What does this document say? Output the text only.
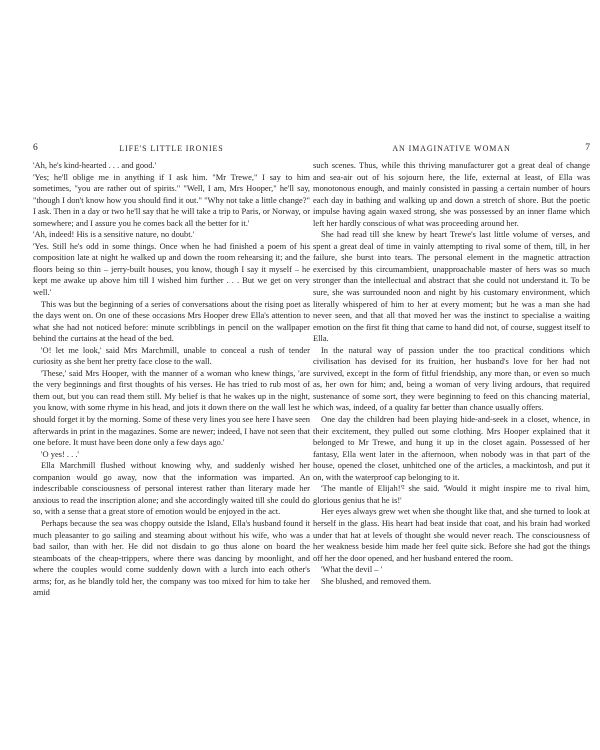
6	LIFE'S LITTLE IRONIES

'Ah, he's kind-hearted . . . and good.'

'Yes; he'll oblige me in anything if I ask him. "Mr Trewe," I say to him sometimes, "you are rather out of spirits." "Well, I am, Mrs Hooper," he'll say, "though I don't know how you should find it out." "Why not take a little change?" I ask. Then in a day or two he'll say that he will take a trip to Paris, or Norway, or somewhere; and I assure you he comes back all the better for it.'

'Ah, indeed! His is a sensitive nature, no doubt.'

'Yes. Still he's odd in some things. Once when he had finished a poem of his composition late at night he walked up and down the room rehearsing it; and the floors being so thin – jerry-built houses, you know, though I say it myself – he kept me awake up above him till I wished him further . . . But we get on very well.'

This was but the beginning of a series of conversations about the rising poet as the days went on. On one of these occasions Mrs Hooper drew Ella's attention to what she had not noticed before: minute scribblings in pencil on the wallpaper behind the curtains at the head of the bed.

'O! let me look,' said Mrs Marchmill, unable to conceal a rush of tender curiosity as she bent her pretty face close to the wall.

'These,' said Mrs Hooper, with the manner of a woman who knew things, 'are the very beginnings and first thoughts of his verses. He has tried to rub most of them out, but you can read them still. My belief is that he wakes up in the night, you know, with some rhyme in his head, and jots it down there on the wall lest he should forget it by the morning. Some of these very lines you see here I have seen afterwards in print in the magazines. Some are newer; indeed, I have not seen that one before. It must have been done only a few days ago.'

'O yes! . . .'

Ella Marchmill flushed without knowing why, and suddenly wished her companion would go away, now that the information was imparted. An indescribable consciousness of personal interest rather than literary made her anxious to read the inscription alone; and she accordingly waited till she could do so, with a sense that a great store of emotion would be enjoyed in the act.

Perhaps because the sea was choppy outside the Island, Ella's husband found it much pleasanter to go sailing and steaming about without his wife, who was a bad sailor, than with her. He did not disdain to go thus alone on board the steamboats of the cheap-trippers, where there was dancing by moonlight, and where the couples would come suddenly down with a lurch into each other's arms; for, as he blandly told her, the company was too mixed for him to take her amid

AN IMAGINATIVE WOMAN	7

such scenes. Thus, while this thriving manufacturer got a great deal of change and sea-air out of his sojourn here, the life, external at least, of Ella was monotonous enough, and mainly consisted in passing a certain number of hours each day in bathing and walking up and down a stretch of shore. But the poetic impulse having again waxed strong, she was possessed by an inner flame which left her hardly conscious of what was proceeding around her.

She had read till she knew by heart Trewe's last little volume of verses, and spent a great deal of time in vainly attempting to rival some of them, till, in her failure, she burst into tears. The personal element in the magnetic attraction exercised by this circumambient, unapproachable master of hers was so much stronger than the intellectual and abstract that she could not understand it. To be sure, she was surrounded noon and night by his customary environment, which literally whispered of him to her at every moment; but he was a man she had never seen, and that all that moved her was the instinct to specialise a waiting emotion on the first fit thing that came to hand did not, of course, suggest itself to Ella.

In the natural way of passion under the too practical conditions which civilisation has devised for its fruition, her husband's love for her had not survived, except in the form of fitful friendship, any more than, or even so much as, her own for him; and, being a woman of very living ardours, that required sustenance of some sort, they were beginning to feed on this chancing material, which was, indeed, of a quality far better than chance usually offers.

One day the children had been playing hide-and-seek in a closet, whence, in their excitement, they pulled out some clothing. Mrs Hooper explained that it belonged to Mr Trewe, and hung it up in the closet again. Possessed of her fantasy, Ella went later in the afternoon, when nobody was in that part of the house, opened the closet, unhitched one of the articles, a mackintosh, and put it on, with the waterproof cap belonging to it.

'The mantle of Elijah!'² she said. 'Would it might inspire me to rival him, glorious genius that he is!'

Her eyes always grew wet when she thought like that, and she turned to look at herself in the glass. His heart had beat inside that coat, and his brain had worked under that hat at levels of thought she would never reach. The consciousness of her weakness beside him made her feel quite sick. Before she had got the things off her the door opened, and her husband entered the room.

'What the devil – '

She blushed, and removed them.
